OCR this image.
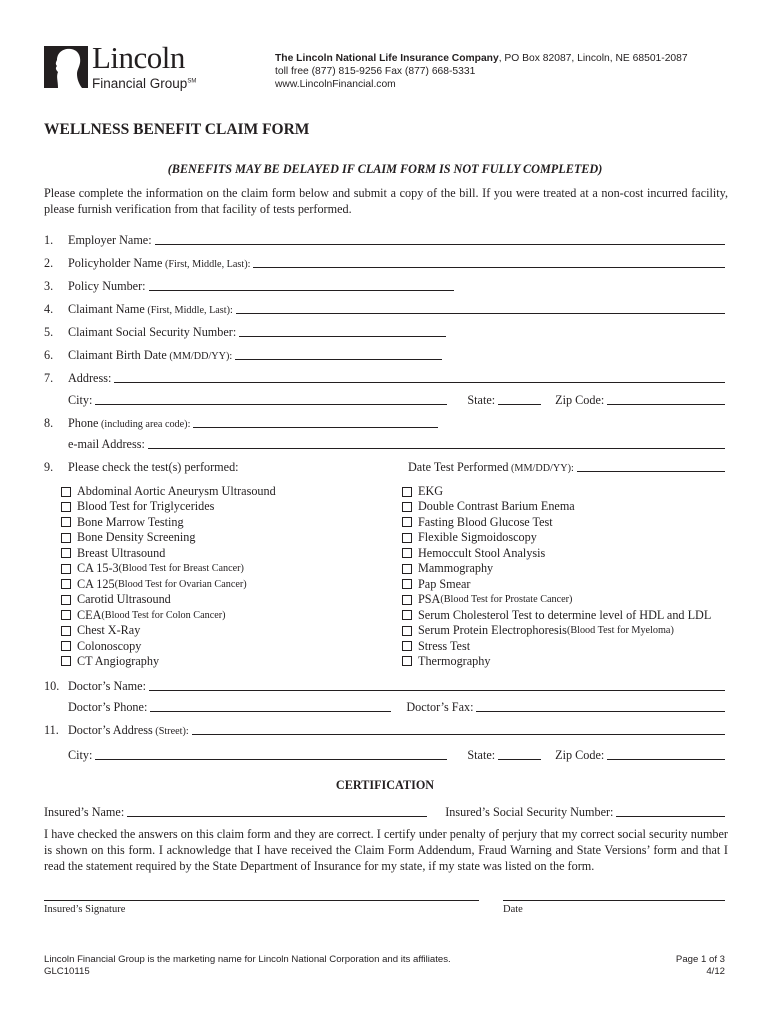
Lincoln
Financial Group℠
The Lincoln National Life Insurance Company, PO Box 82087, Lincoln, NE 68501-2087
toll free (877) 815-9256 Fax (877) 668-5331
www.LincolnFinancial.com
WELLNESS BENEFIT CLAIM FORM
(BENEFITS MAY BE DELAYED IF CLAIM FORM IS NOT FULLY COMPLETED)
Please complete the information on the claim form below and submit a copy of the bill. If you were treated at a non-cost incurred facility, please furnish verification from that facility of tests performed.
1.	Employer Name:
2.	Policyholder Name (First, Middle, Last):
3.	Policy Number:
4.	Claimant Name (First, Middle, Last):
5.	Claimant Social Security Number:
6.	Claimant Birth Date (MM/DD/YY):
7.	Address:
City:	State:	Zip Code:
8.	Phone (including area code):
e-mail Address:
9.	Please check the test(s) performed:	Date Test Performed (MM/DD/YY):
Abdominal Aortic Aneurysm Ultrasound
Blood Test for Triglycerides
Bone Marrow Testing
Bone Density Screening
Breast Ultrasound
CA 15-3 (Blood Test for Breast Cancer)
CA 125 (Blood Test for Ovarian Cancer)
Carotid Ultrasound
CEA (Blood Test for Colon Cancer)
Chest X-Ray
Colonoscopy
CT Angiography
EKG
Double Contrast Barium Enema
Fasting Blood Glucose Test
Flexible Sigmoidoscopy
Hemoccult Stool Analysis
Mammography
Pap Smear
PSA (Blood Test for Prostate Cancer)
Serum Cholesterol Test to determine level of HDL and LDL
Serum Protein Electrophoresis (Blood Test for Myeloma)
Stress Test
Thermography
10. Doctor’s Name:
Doctor’s Phone:	Doctor’s Fax:
11. Doctor’s Address (Street):
City:	State:	Zip Code:
CERTIFICATION
Insured’s Name:	Insured’s Social Security Number:
I have checked the answers on this claim form and they are correct. I certify under penalty of perjury that my correct social security number is shown on this form. I acknowledge that I have received the Claim Form Addendum, Fraud Warning and State Versions’ form and that I read the statement required by the State Department of Insurance for my state, if my state was listed on the form.
Insured’s Signature	Date
Lincoln Financial Group is the marketing name for Lincoln National Corporation and its affiliates.
GLC10115
Page 1 of 3
4/12
